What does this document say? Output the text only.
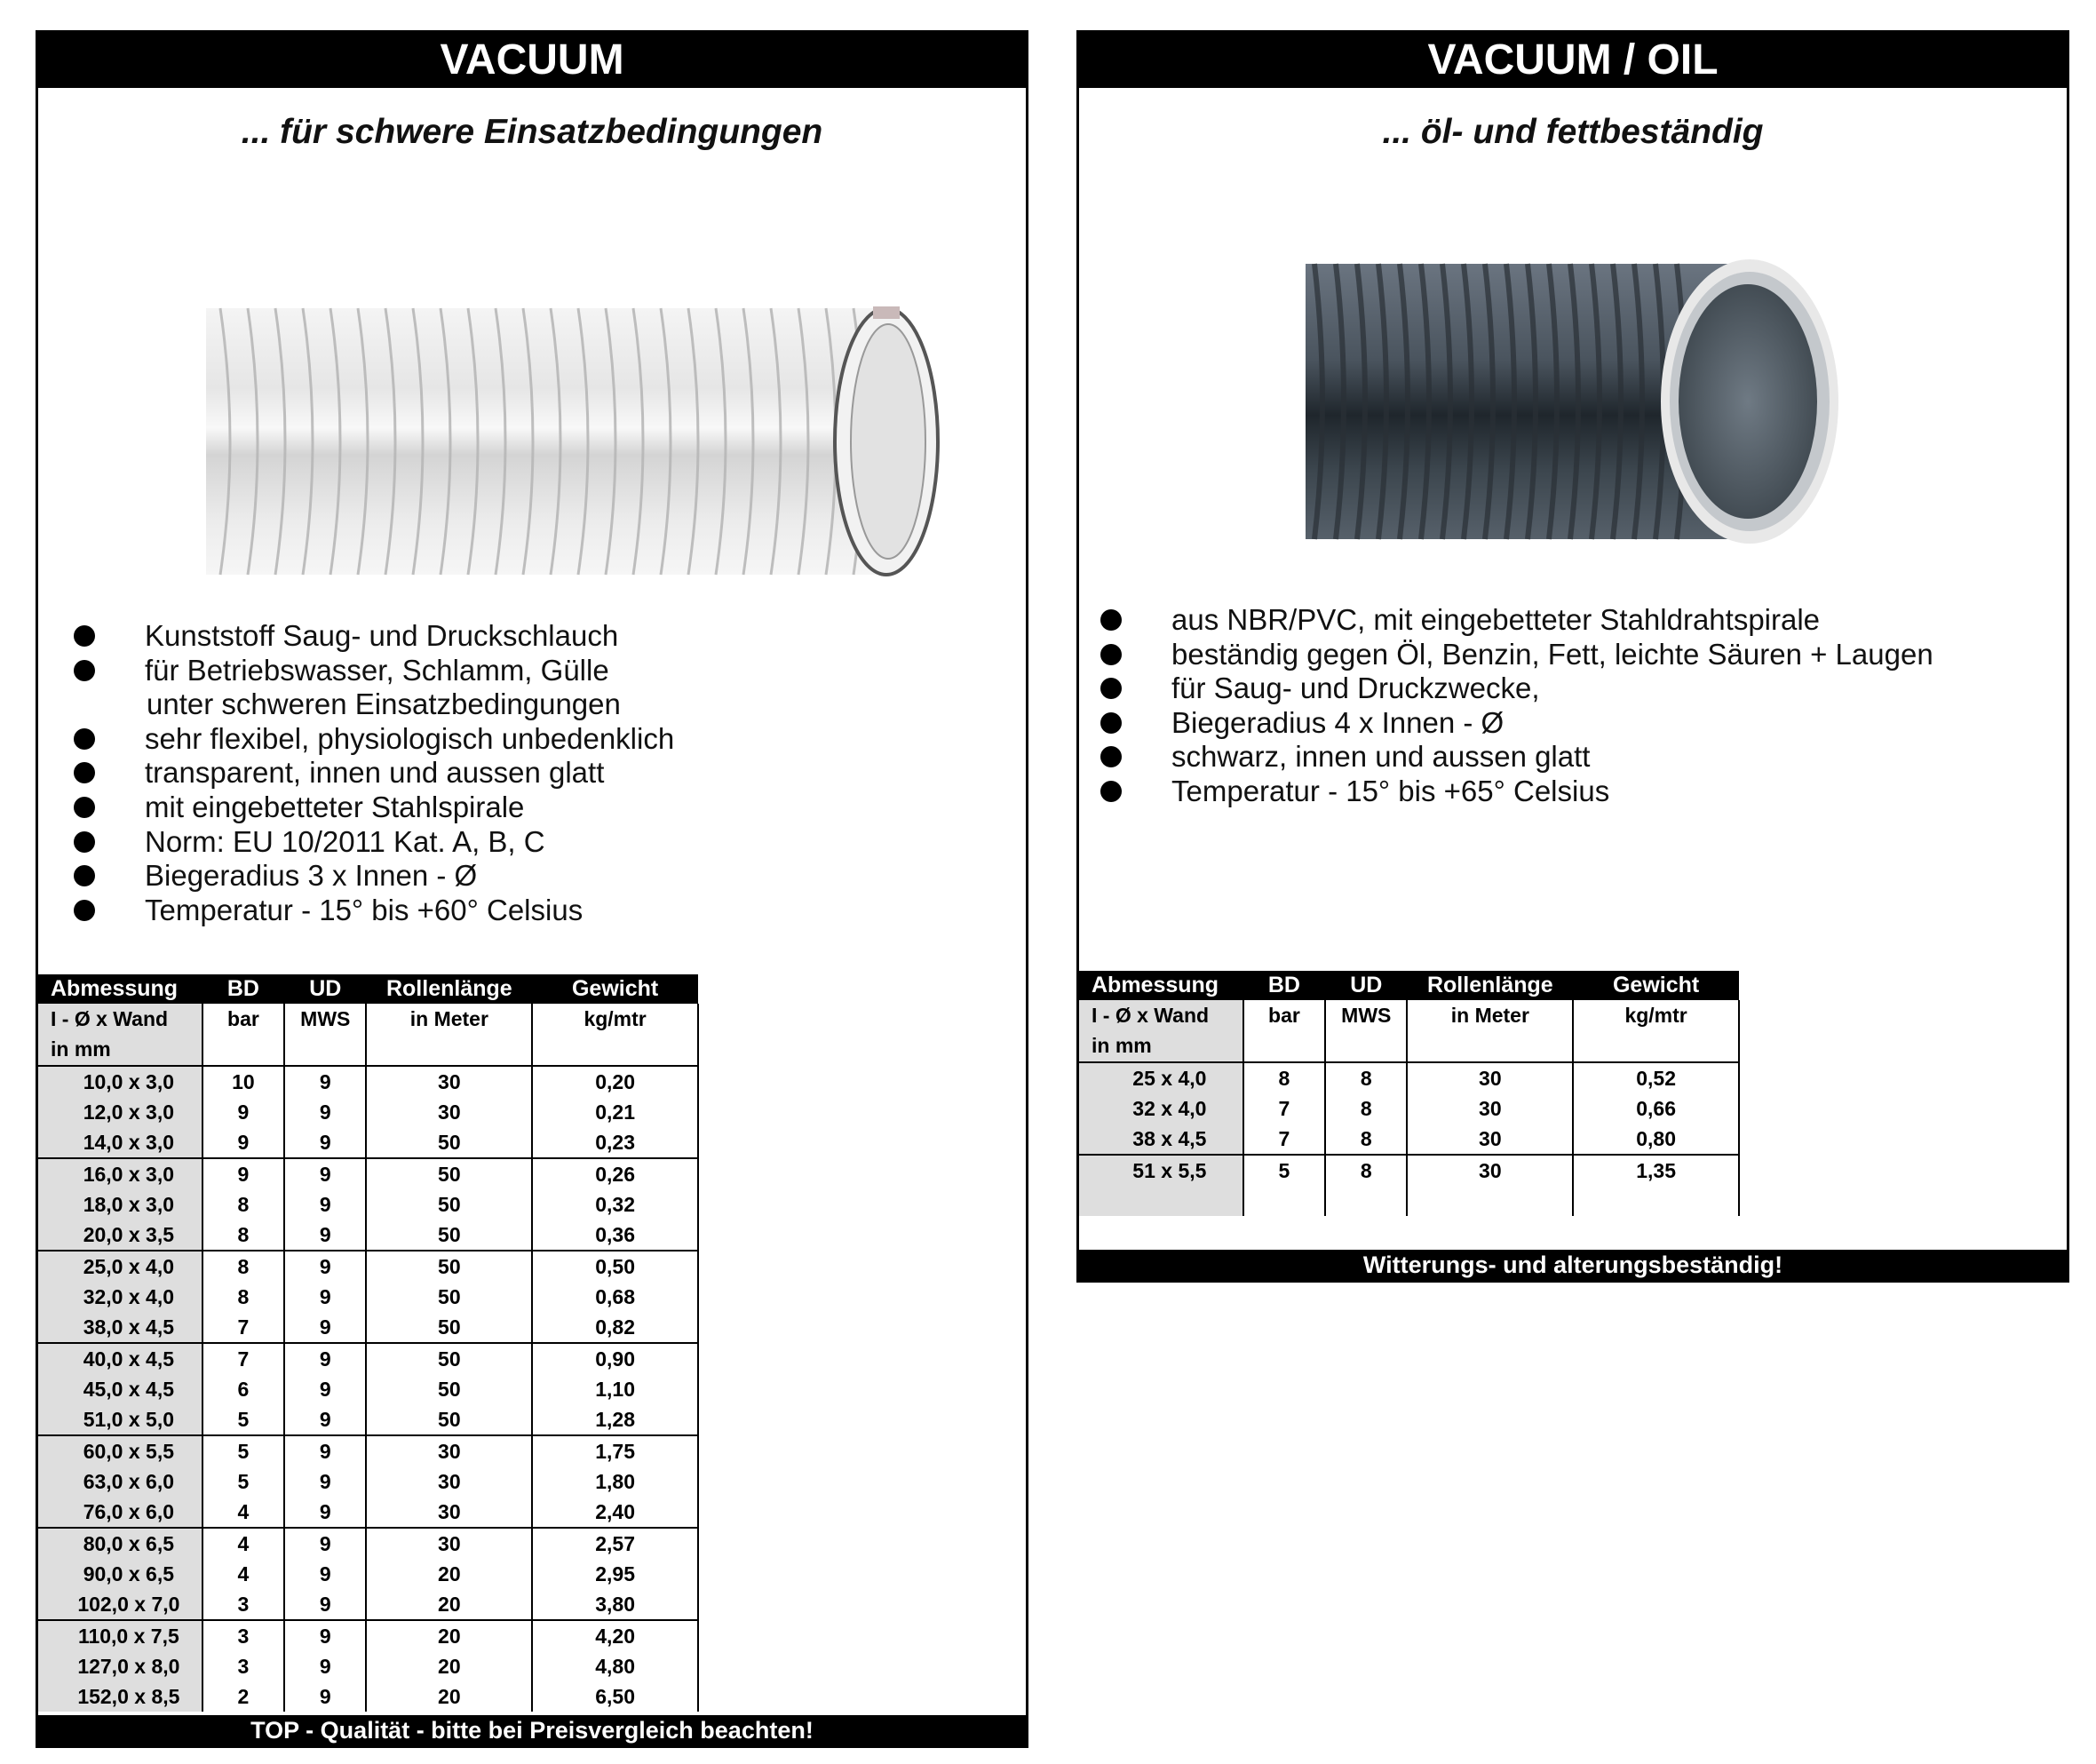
VACUUM
... für schwere Einsatzbedingungen
Kunststoff Saug- und Druckschlauch
für Betriebswasser, Schlamm, Gülle
unter schweren Einsatzbedingungen
sehr flexibel, physiologisch unbedenklich
transparent, innen und aussen glatt
mit eingebetteter Stahlspirale
Norm: EU 10/2011 Kat. A, B, C
Biegeradius 3 x Innen - Ø
Temperatur - 15° bis +60° Celsius
Abmessung	BD	UD	Rollenlänge	Gewicht
I - Ø x Wand
in mm	bar	MWS	in Meter	kg/mtr
10,0 x 3,0	10	9	30	0,20
12,0 x 3,0	9	9	30	0,21
14,0 x 3,0	9	9	50	0,23
16,0 x 3,0	9	9	50	0,26
18,0 x 3,0	8	9	50	0,32
20,0 x 3,5	8	9	50	0,36
25,0 x 4,0	8	9	50	0,50
32,0 x 4,0	8	9	50	0,68
38,0 x 4,5	7	9	50	0,82
40,0 x 4,5	7	9	50	0,90
45,0 x 4,5	6	9	50	1,10
51,0 x 5,0	5	9	50	1,28
60,0 x 5,5	5	9	30	1,75
63,0 x 6,0	5	9	30	1,80
76,0 x 6,0	4	9	30	2,40
80,0 x 6,5	4	9	30	2,57
90,0 x 6,5	4	9	20	2,95
102,0 x 7,0	3	9	20	3,80
110,0 x 7,5	3	9	20	4,20
127,0 x 8,0	3	9	20	4,80
152,0 x 8,5	2	9	20	6,50
TOP - Qualität - bitte bei Preisvergleich beachten!
VACUUM / OIL
... öl- und fettbeständig
aus NBR/PVC, mit eingebetteter Stahldrahtspirale
beständig gegen Öl, Benzin, Fett, leichte Säuren + Laugen
für Saug- und Druckzwecke,
Biegeradius 4 x Innen - Ø
schwarz, innen und aussen glatt
Temperatur - 15° bis +65° Celsius
Abmessung	BD	UD	Rollenlänge	Gewicht
I - Ø x Wand
in mm	bar	MWS	in Meter	kg/mtr
25 x 4,0	8	8	30	0,52
32 x 4,0	7	8	30	0,66
38 x 4,5	7	8	30	0,80
51 x 5,5	5	8	30	1,35

Witterungs- und alterungsbeständig!
